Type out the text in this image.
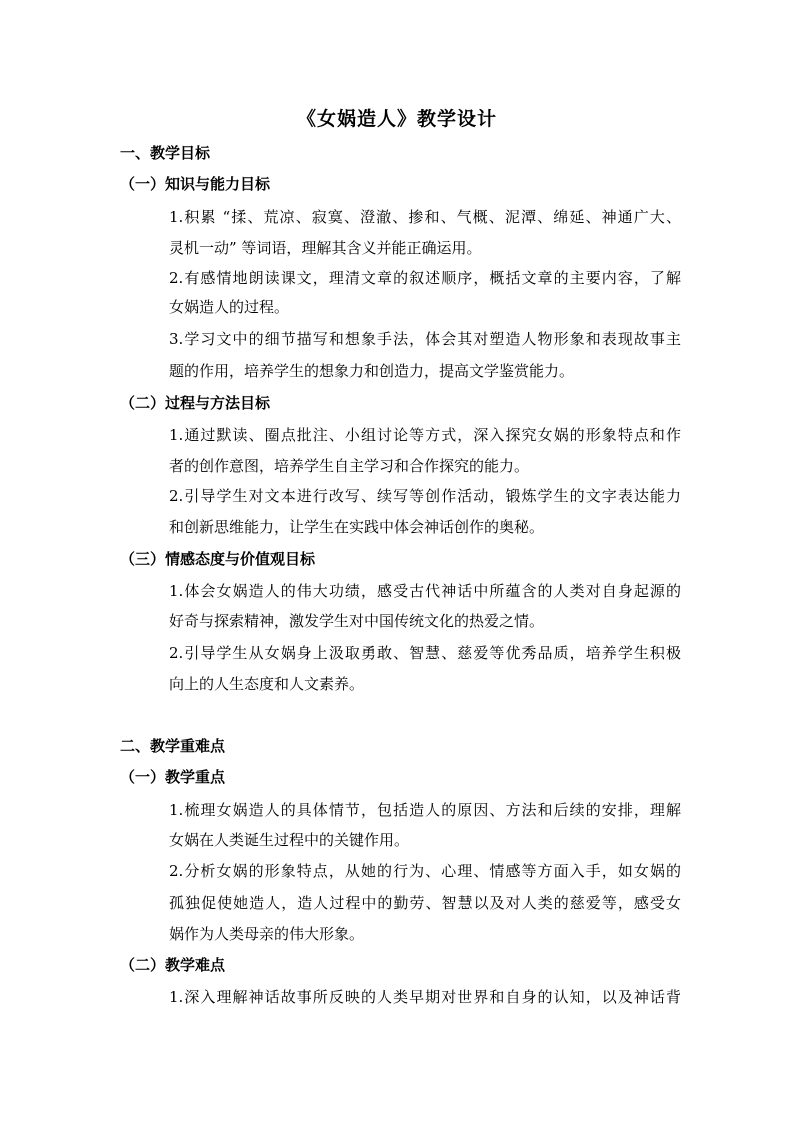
《女娲造人》教学设计
一、教学目标
（一）知识与能力目标
1.积累 “揉、荒凉、寂寞、澄澈、掺和、气概、泥潭、绵延、神通广大、
灵机一动” 等词语，理解其含义并能正确运用。
2.有感情地朗读课文，理清文章的叙述顺序，概括文章的主要内容，了解
女娲造人的过程。
3.学习文中的细节描写和想象手法，体会其对塑造人物形象和表现故事主
题的作用，培养学生的想象力和创造力，提高文学鉴赏能力。
（二）过程与方法目标
1.通过默读、圈点批注、小组讨论等方式，深入探究女娲的形象特点和作
者的创作意图，培养学生自主学习和合作探究的能力。
2.引导学生对文本进行改写、续写等创作活动，锻炼学生的文字表达能力
和创新思维能力，让学生在实践中体会神话创作的奥秘。
（三）情感态度与价值观目标
1.体会女娲造人的伟大功绩，感受古代神话中所蕴含的人类对自身起源的
好奇与探索精神，激发学生对中国传统文化的热爱之情。
2.引导学生从女娲身上汲取勇敢、智慧、慈爱等优秀品质，培养学生积极
向上的人生态度和人文素养。
二、教学重难点
（一）教学重点
1.梳理女娲造人的具体情节，包括造人的原因、方法和后续的安排，理解
女娲在人类诞生过程中的关键作用。
2.分析女娲的形象特点，从她的行为、心理、情感等方面入手，如女娲的
孤独促使她造人，造人过程中的勤劳、智慧以及对人类的慈爱等，感受女
娲作为人类母亲的伟大形象。
（二）教学难点
1.深入理解神话故事所反映的人类早期对世界和自身的认知，以及神话背
